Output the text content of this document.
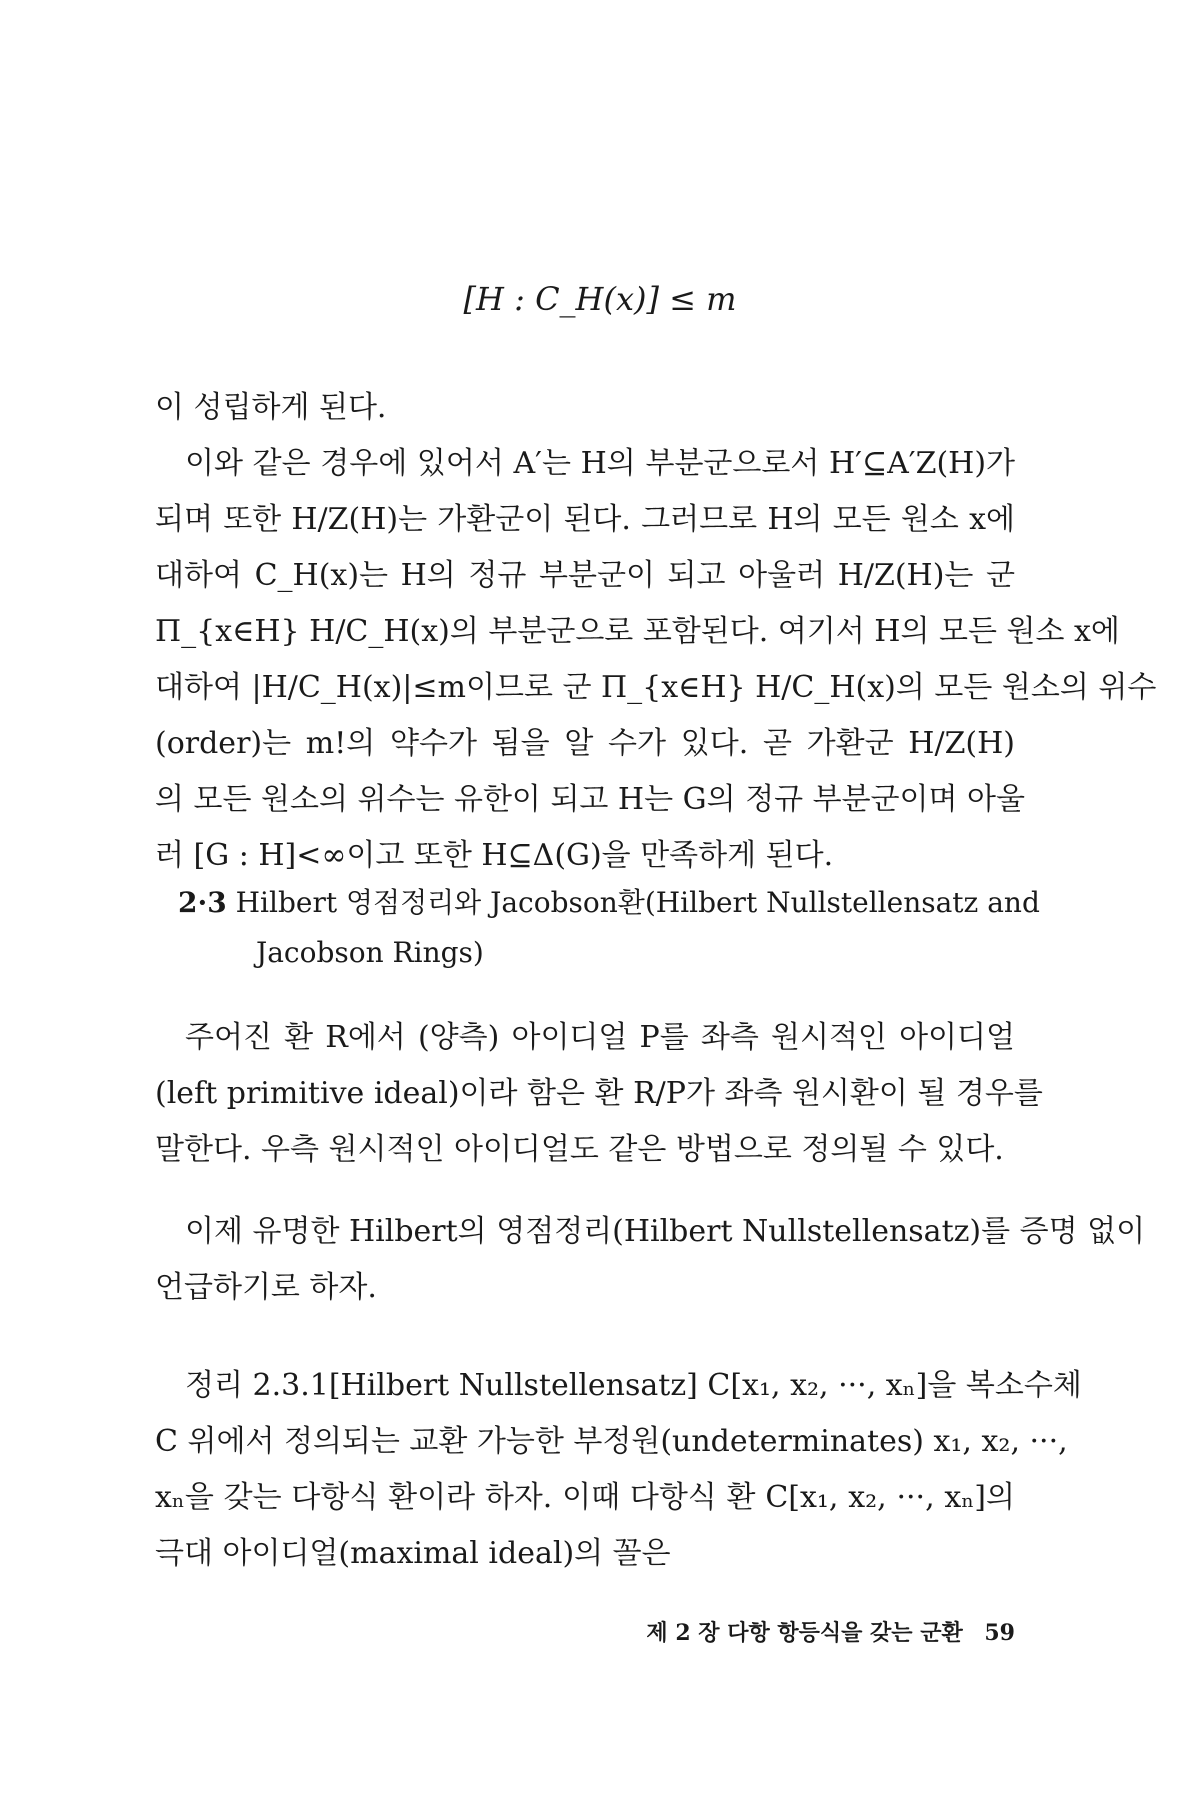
[H : C_H(x)] ≤ m
이 성립하게 된다.
이와 같은 경우에 있어서 A′는 H의 부분군으로서 H′⊆A′Z(H)가
되며 또한 H/Z(H)는 가환군이 된다. 그러므로 H의 모든 원소 x에
대하여 C_H(x)는 H의 정규 부분군이 되고 아울러 H/Z(H)는 군
Π_{x∈H} H/C_H(x)의 부분군으로 포함된다. 여기서 H의 모든 원소 x에
대하여 |H/C_H(x)|≤m이므로 군 Π_{x∈H} H/C_H(x)의 모든 원소의 위수
(order)는 m!의 약수가 됨을 알 수가 있다. 곧 가환군 H/Z(H)
의 모든 원소의 위수는 유한이 되고 H는 G의 정규 부분군이며 아울
러 [G : H]<∞이고 또한 H⊆Δ(G)을 만족하게 된다.
2·3 Hilbert 영점정리와 Jacobson환(Hilbert Nullstellensatz and
Jacobson Rings)
주어진 환 R에서 (양측) 아이디얼 P를 좌측 원시적인 아이디얼
(left primitive ideal)이라 함은 환 R/P가 좌측 원시환이 될 경우를
말한다. 우측 원시적인 아이디얼도 같은 방법으로 정의될 수 있다.
이제 유명한 Hilbert의 영점정리(Hilbert Nullstellensatz)를 증명 없이
언급하기로 하자.
정리 2.3.1[Hilbert Nullstellensatz] C[x₁, x₂, ···, xₙ]을 복소수체
C 위에서 정의되는 교환 가능한 부정원(undeterminates) x₁, x₂, ···,
xₙ을 갖는 다항식 환이라 하자. 이때 다항식 환 C[x₁, x₂, ···, xₙ]의
극대 아이디얼(maximal ideal)의 꼴은
제 2 장 다항 항등식을 갖는 군환 59
